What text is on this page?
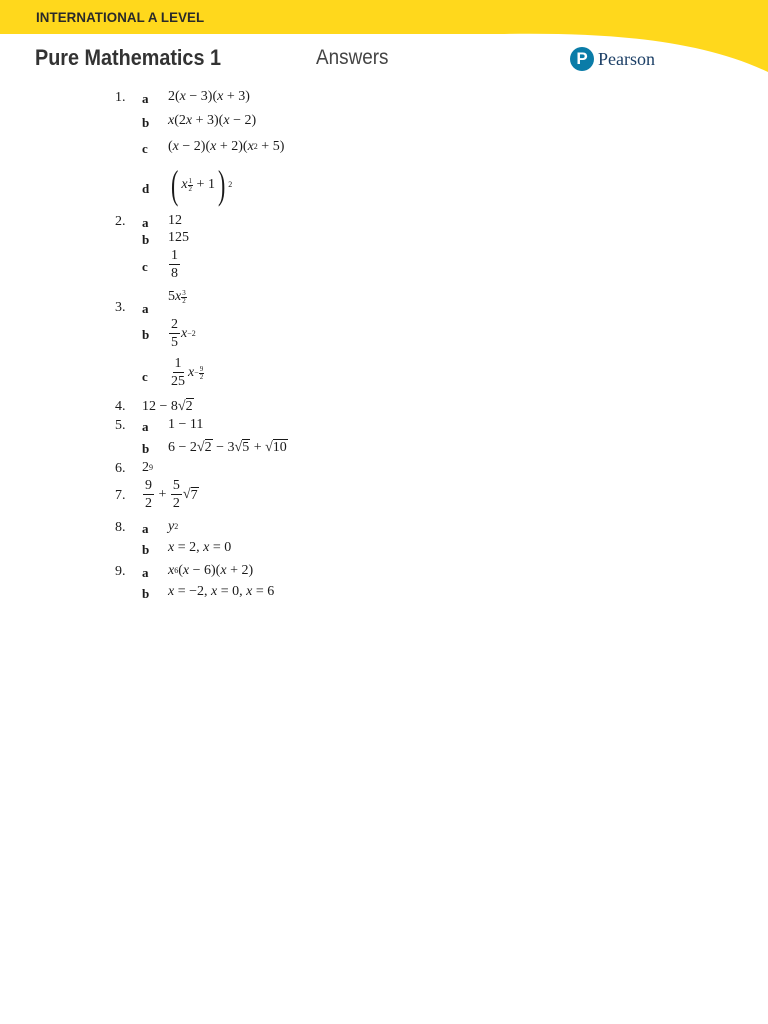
INTERNATIONAL A LEVEL
Pure Mathematics 1	Answers	P Pearson
1. a 2( x − 3)( x + 3)
b x (2 x + 3)( x − 2)
c ( x − 2)( x + 2)( x 2 + 5)
d ( x 1
2 + 1 ) 2
2. a 12
b 125
c $\frac{1}{8}$
3. a
5 x 3
2
b $\frac{2}{5}$ x −2
c $\frac{1}{25}$ x − 9
2
4. 12 − 8 √ 2
5. a 1 − 11
b 6 − 2 √ 2 − 3 √ 5 + √ 10
6. 2 9
7. $\frac{9}{2} + \frac{5}{2}$ √ 7
8. a y 2
b x = 2, x = 0
9. a x 6 ( x − 6)( x + 2)
b x = −2, x = 0, x = 6
